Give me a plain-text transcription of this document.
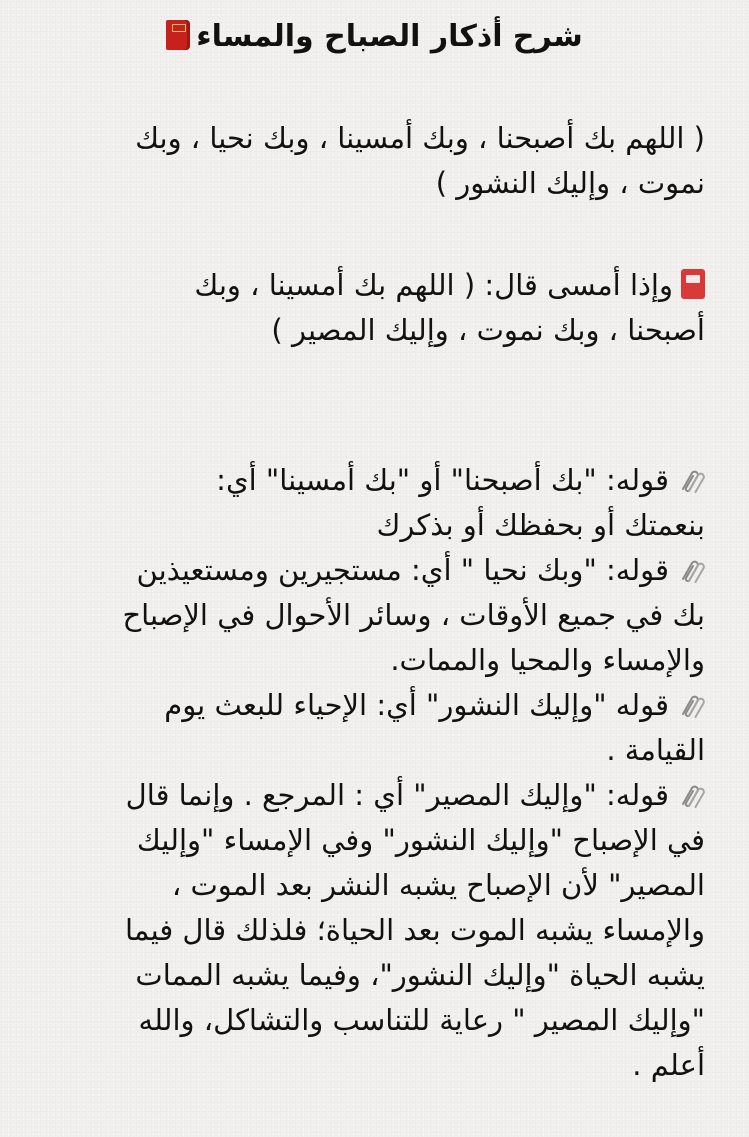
شرح أذكار الصباح والمساء
( اللهم بك أصبحنا ، وبك أمسينا ، وبك نحيا ، وبك
نموت ، وإليك النشور )
وإذا أمسى قال: ( اللهم بك أمسينا ، وبك
أصبحنا ، وبك نموت ، وإليك المصير )
قوله: "بك أصبحنا" أو "بك أمسينا" أي:
بنعمتك أو بحفظك أو بذكرك
قوله: "وبك نحيا " أي: مستجيرين ومستعيذين
بك في جميع الأوقات ، وسائر الأحوال في الإصباح
والإمساء والمحيا والممات.
قوله "وإليك النشور" أي: الإحياء للبعث يوم
القيامة .
قوله: "وإليك المصير" أي : المرجع . وإنما قال
في الإصباح "وإليك النشور" وفي الإمساء "وإليك
المصير" لأن الإصباح يشبه النشر بعد الموت ،
والإمساء يشبه الموت بعد الحياة؛ فلذلك قال فيما
يشبه الحياة "وإليك النشور"، وفيما يشبه الممات
"وإليك المصير " رعاية للتناسب والتشاكل، والله
أعلم .
